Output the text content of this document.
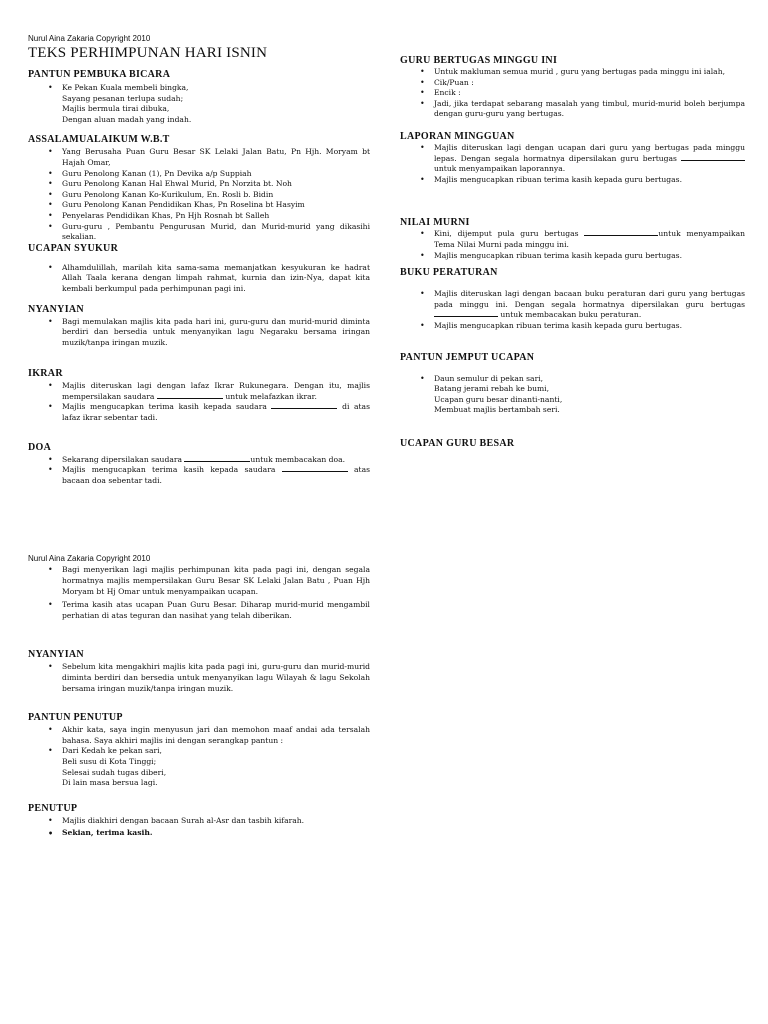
Nurul Aina Zakaria Copyright 2010
TEKS PERHIMPUNAN HARI ISNIN
PANTUN PEMBUKA BICARA
• Ke Pekan Kuala membeli bingka,
Sayang pesanan terlupa sudah;
Majlis bermula tirai dibuka,
Dengan aluan madah yang indah.
ASSALAMUALAIKUM W.B.T
• Yang Berusaha Puan Guru Besar SK Lelaki Jalan Batu, Pn Hjh. Moryam bt Hajah Omar,
• Guru Penolong Kanan (1), Pn Devika a/p Suppiah
• Guru Penolong Kanan Hal Ehwal Murid, Pn Norzita bt. Noh
• Guru Penolong Kanan Ko-Kurikulum, En. Rosli b. Bidin
• Guru Penolong Kanan Pendidikan Khas, Pn Roselina bt Hasyim
• Penyelaras Pendidikan Khas, Pn Hjh Rosnah bt Salleh
• Guru-guru , Pembantu Pengurusan Murid, dan Murid-murid yang dikasihi sekalian.
UCAPAN SYUKUR
• Alhamdulillah, marilah kita sama-sama memanjatkan kesyukuran ke hadrat Allah Taala kerana dengan limpah rahmat, kurnia dan izin-Nya, dapat kita kembali berkumpul pada perhimpunan pagi ini.
NYANYIAN
• Bagi memulakan majlis kita pada hari ini, guru-guru dan murid-murid diminta berdiri dan bersedia untuk menyanyikan lagu Negaraku bersama iringan muzik/tanpa iringan muzik.
IKRAR
• Majlis diteruskan lagi dengan lafaz Ikrar Rukunegara. Dengan itu, majlis mempersilakan saudara	untuk melafazkan ikrar.
• Majlis mengucapkan terima kasih kepada saudara	di atas lafaz ikrar sebentar tadi.
DOA
• Sekarang dipersilakan saudara	untuk membacakan doa.
• Majlis mengucapkan terima kasih kepada saudara	atas bacaan doa sebentar tadi.
Nurul Aina Zakaria Copyright 2010
• Bagi menyerikan lagi majlis perhimpunan kita pada pagi ini, dengan segala hormatnya majlis mempersilakan Guru Besar SK Lelaki Jalan Batu , Puan Hjh Moryam bt Hj Omar untuk menyampaikan ucapan.
• Terima kasih atas ucapan Puan Guru Besar. Diharap murid-murid mengambil perhatian di atas teguran dan nasihat yang telah diberikan.
NYANYIAN
• Sebelum kita mengakhiri majlis kita pada pagi ini, guru-guru dan murid-murid diminta berdiri dan bersedia untuk menyanyikan lagu Wilayah & lagu Sekolah bersama iringan muzik/tanpa iringan muzik.
PANTUN PENUTUP
• Akhir kata, saya ingin menyusun jari dan memohon maaf andai ada tersalah bahasa. Saya akhiri majlis ini dengan serangkap pantun :
• Dari Kedah ke pekan sari,
Beli susu di Kota Tinggi;
Selesai sudah tugas diberi,
Di lain masa bersua lagi.
PENUTUP
• Majlis diakhiri dengan bacaan Surah al-Asr dan tasbih kifarah.
• Sekian, terima kasih.
GURU BERTUGAS MINGGU INI
• Untuk makluman semua murid , guru yang bertugas pada minggu ini ialah,
• Cik/Puan :
• Encik :
• Jadi, jika terdapat sebarang masalah yang timbul, murid-murid boleh berjumpa dengan guru-guru yang bertugas.
LAPORAN MINGGUAN
• Majlis diteruskan lagi dengan ucapan dari guru yang bertugas pada minggu lepas. Dengan segala hormatnya dipersilakan guru bertugas  untuk menyampaikan laporannya.
• Majlis mengucapkan ribuan terima kasih kepada guru bertugas.
NILAI MURNI
• Kini, dijemput pula guru bertugas	untuk menyampaikan Tema Nilai Murni pada minggu ini.
• Majlis mengucapkan ribuan terima kasih kepada guru bertugas.
BUKU PERATURAN
• Majlis diteruskan lagi dengan bacaan buku peraturan dari guru yang bertugas pada minggu ini. Dengan segala hormatnya dipersilakan guru bertugas  untuk membacakan buku peraturan.
• Majlis mengucapkan ribuan terima kasih kepada guru bertugas.
PANTUN JEMPUT UCAPAN
• Daun semulur di pekan sari,
Batang jerami rebah ke bumi,
Ucapan guru besar dinanti-nanti,
Membuat majlis bertambah seri.
UCAPAN GURU BESAR
